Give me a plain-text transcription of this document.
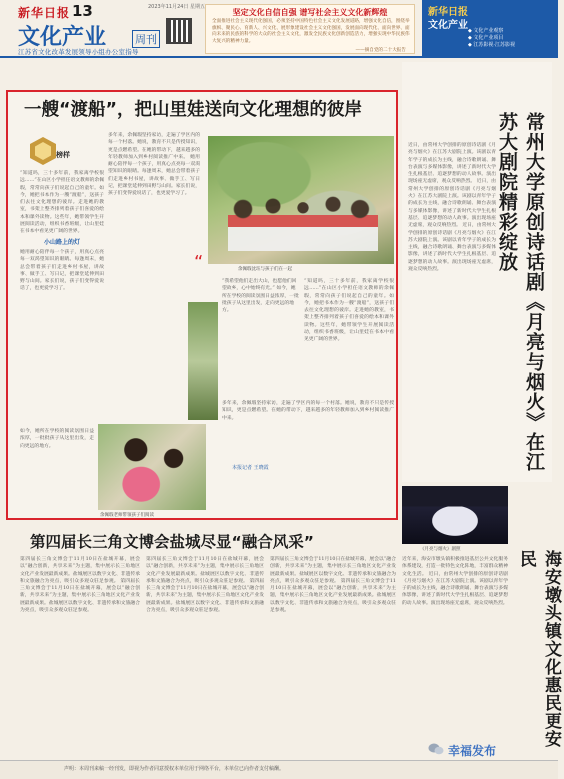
新华日报 13
文化产业	周刊
江苏省文化改革发展领导小组办公室指导
2023年11月24日 星期五
坚定文化自信自强 谱写社会主义文化新辉煌
全面推进社会主义现代化强国，必须坚持中国特色社会主义文化发展道路，增强文化自信，围绕举旗帜、聚民心、育新人、兴文化、展形象建设社会主义文化强国，发展面向现代化、面向世界、面向未来的民族的科学的大众的社会主义文化，激发全民族文化创新创造活力，增强实现中华民族伟大复兴的精神力量。
——摘自党的二十大报告
新华日报
文化产业 ◆ 文化产业观察
◆ 文化产业项目
◆ 江苏影视·江苏影视
一艘“渡船”，把山里娃送向文化理想的彼岸
榜样
“知道吗，三十多年前，我家离学校很远……”在山区小学担任语文教师的余佩瑕，常常向孩子们说起自己的童年。如今，她把书本作为一艘“渡船”，送孩子们去往文化理想的彼岸。走进她的教室，书架上整齐排列着孩子们喜爱的绘本和课外读物。这些年，她带领学生开展阅读活动，组织书香班级，让山里娃在书本中看见更广阔的世界。
小山路上的灯
她用耐心陪伴每一个孩子，用真心点亮每一双渴望知识的眼睛。每逢周末，她总会带着孩子们走进乡村书屋，讲故事、做手工、写日记，把课堂延伸到田野与山间。家长们说，孩子们变得爱说话了，也更爱学习了。
多年来，余佩瑕坚持家访，走遍了学区内的每一个村落。她说，教育不只是传授知识，更是点燃希望。在她的带动下，越来越多的年轻教师加入到乡村阅读推广中来。 她用耐心陪伴每一个孩子，用真心点亮每一双渴望知识的眼睛。每逢周末，她总会带着孩子们走进乡村书屋，讲故事、做手工、写日记，把课堂延伸到田野与山间。家长们说，孩子们变得爱说话了，也更爱学习了。
余佩瑕沈珏与孩子们在一起
“知道吗，三十多年前，我家离学校很远……”在山区小学担任语文教师的余佩瑕，常常向孩子们说起自己的童年。如今，她把书本作为一艘“渡船”，送孩子们去往文化理想的彼岸。走进她的教室，书架上整齐排列着孩子们喜爱的绘本和课外读物。这些年，她带领学生开展阅读活动，组织书香班级，让山里娃在书本中看见更广阔的世界。
“
“我希望他们走出大山，也愿他们回望故乡，心中始终有光。” 如今，她所在学校的阅读氛围日益浓厚，一批批孩子从这里出发，走向更远的地方。
多年来，余佩瑕坚持家访，走遍了学区内的每一个村落。她说，教育不只是传授知识，更是点燃希望。在她的带动下，越来越多的年轻教师加入到乡村阅读推广中来。
余佩瑕老师带领孩子们阅读
如今，她所在学校的阅读氛围日益浓厚，一批批孩子从这里出发，走向更远的地方。
本报记者 王晓霞	常州大学原创诗话剧《月亮与烟火》在江苏大剧院精彩绽放
近日，由常州大学创排的原创诗话剧《月亮与烟火》在江苏大剧院上演。该剧以青年学子的成长为主线，融合诗歌朗诵、舞台表演与多媒体影像，讲述了新时代大学生扎根基层、追逐梦想的动人故事。演出现场座无虚席，观众反响热烈。 近日，由常州大学创排的原创诗话剧《月亮与烟火》在江苏大剧院上演。该剧以青年学子的成长为主线，融合诗歌朗诵、舞台表演与多媒体影像，讲述了新时代大学生扎根基层、追逐梦想的动人故事。演出现场座无虚席，观众反响热烈。 近日，由常州大学创排的原创诗话剧《月亮与烟火》在江苏大剧院上演。该剧以青年学子的成长为主线，融合诗歌朗诵、舞台表演与多媒体影像，讲述了新时代大学生扎根基层、追逐梦想的动人故事。演出现场座无虚席，观众反响热烈。
《月亮与烟火》剧照
海安墩头镇文化惠民更安民
近年来，海安市墩头镇积极推进基层公共文化服务体系建设，打造一批特色文化阵地，丰富群众精神文化生活。 近日，由常州大学创排的原创诗话剧《月亮与烟火》在江苏大剧院上演。该剧以青年学子的成长为主线，融合诗歌朗诵、舞台表演与多媒体影像，讲述了新时代大学生扎根基层、追逐梦想的动人故事。演出现场座无虚席，观众反响热烈。
第四届长三角文博会盐城尽显“融合风采”
第四届长三角文博会于11月10日在盐城开幕，展会以“融合创新，共享未来”为主题，集中展示长三角地区文化产业发展最新成果。盐城展区以数字文化、非遗传承和文旅融合为亮点，吸引众多观众驻足参观。 第四届长三角文博会于11月10日在盐城开幕，展会以“融合创新，共享未来”为主题，集中展示长三角地区文化产业发展最新成果。盐城展区以数字文化、非遗传承和文旅融合为亮点，吸引众多观众驻足参观。
第四届长三角文博会于11月10日在盐城开幕，展会以“融合创新，共享未来”为主题，集中展示长三角地区文化产业发展最新成果。盐城展区以数字文化、非遗传承和文旅融合为亮点，吸引众多观众驻足参观。 第四届长三角文博会于11月10日在盐城开幕，展会以“融合创新，共享未来”为主题，集中展示长三角地区文化产业发展最新成果。盐城展区以数字文化、非遗传承和文旅融合为亮点，吸引众多观众驻足参观。
第四届长三角文博会于11月10日在盐城开幕，展会以“融合创新，共享未来”为主题，集中展示长三角地区文化产业发展最新成果。盐城展区以数字文化、非遗传承和文旅融合为亮点，吸引众多观众驻足参观。 第四届长三角文博会于11月10日在盐城开幕，展会以“融合创新，共享未来”为主题，集中展示长三角地区文化产业发展最新成果。盐城展区以数字文化、非遗传承和文旅融合为亮点，吸引众多观众驻足参观。
声明：本周刊来稿一经刊发，即视为作者同意授权本单位用于网络平台，本单位已向作者支付稿酬。
幸福发布
